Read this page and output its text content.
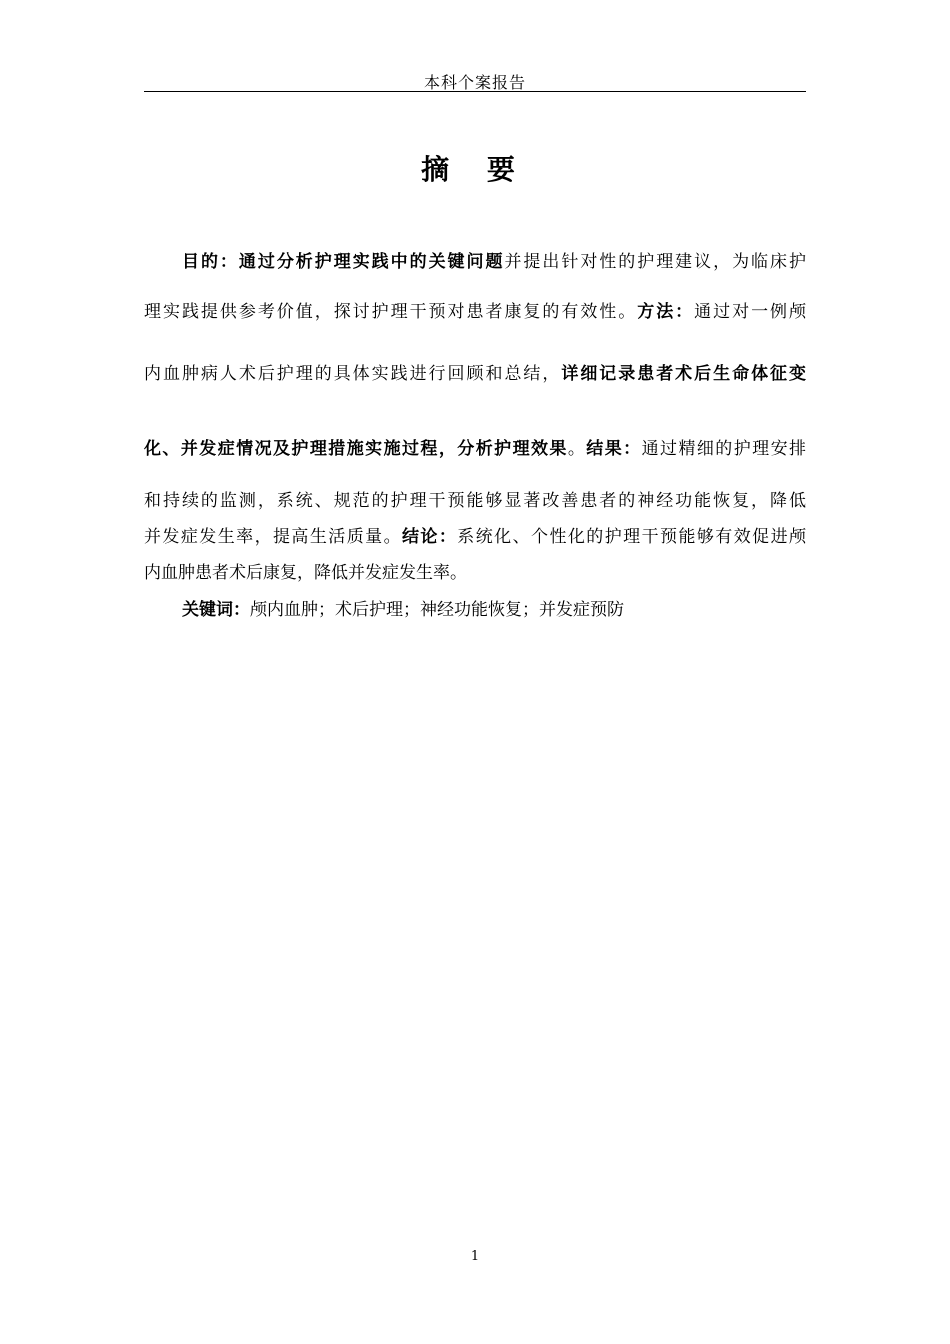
本科个案报告
摘 要
目的：通过分析护理实践中的关键问题并提出针对性的护理建议，为临床护
理实践提供参考价值，探讨护理干预对患者康复的有效性。方法：通过对一例颅
内血肿病人术后护理的具体实践进行回顾和总结，详细记录患者术后生命体征变
化、并发症情况及护理措施实施过程，分析护理效果。结果：通过精细的护理安排
和持续的监测，系统、规范的护理干预能够显著改善患者的神经功能恢复，降低
并发症发生率，提高生活质量。结论：系统化、个性化的护理干预能够有效促进颅
内血肿患者术后康复，降低并发症发生率。
关键词：颅内血肿；术后护理；神经功能恢复；并发症预防
1
